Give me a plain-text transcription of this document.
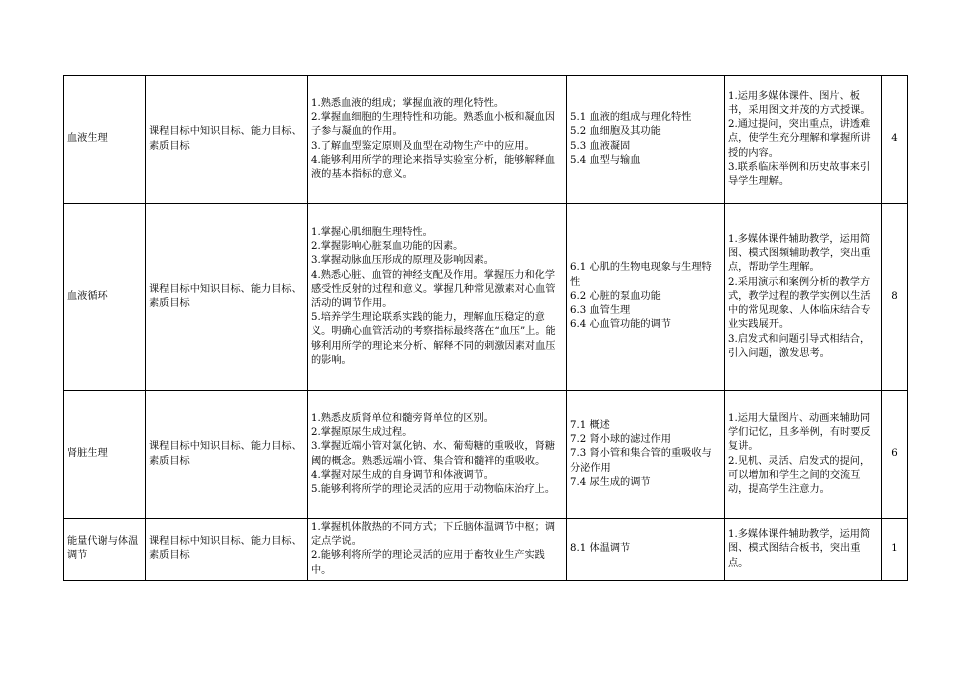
血液生理	课程目标中知识目标、能力目标、素质目标	1.熟悉血液的组成；掌握血液的理化特性。
2.掌握血细胞的生理特性和功能。熟悉血小板和凝血因子参与凝血的作用。
3.了解血型鉴定原则及血型在动物生产中的应用。
4.能够利用所学的理论来指导实验室分析，能够解释血液的基本指标的意义。	5.1 血液的组成与理化特性
5.2 血细胞及其功能
5.3 血液凝固
5.4 血型与输血	1.运用多媒体课件、图片、板书，采用图文并茂的方式授课。
2.通过提问，突出重点，讲透难点，使学生充分理解和掌握所讲授的内容。
3.联系临床举例和历史故事来引导学生理解。	4
血液循环	课程目标中知识目标、能力目标、素质目标	1.掌握心肌细胞生理特性。
2.掌握影响心脏泵血功能的因素。
3.掌握动脉血压形成的原理及影响因素。
4.熟悉心脏、血管的神经支配及作用。掌握压力和化学感受性反射的过程和意义。掌握几种常见激素对心血管活动的调节作用。
5.培养学生理论联系实践的能力，理解血压稳定的意义。明确心血管活动的考察指标最终落在“血压”上。能够利用所学的理论来分析、解释不同的刺激因素对血压的影响。	6.1 心肌的生物电现象与生理特性
6.2 心脏的泵血功能
6.3 血管生理
6.4 心血管功能的调节	1.多媒体课件辅助教学，运用简图、模式图频辅助教学，突出重点，帮助学生理解。
2.采用演示和案例分析的教学方式，教学过程的教学实例以生活中的常见现象、人体临床结合专业实践展开。
3.启发式和问题引导式相结合，引入问题，激发思考。	8
肾脏生理	课程目标中知识目标、能力目标、素质目标	1.熟悉皮质肾单位和髓旁肾单位的区别。
2.掌握原尿生成过程。
3.掌握近端小管对氯化钠、水、葡萄糖的重吸收，肾糖阈的概念。熟悉远端小管、集合管和髓袢的重吸收。
4.掌握对尿生成的自身调节和体液调节。
5.能够利将所学的理论灵活的应用于动物临床治疗上。	7.1 概述
7.2 肾小球的滤过作用
7.3 肾小管和集合管的重吸收与分泌作用
7.4 尿生成的调节	1.运用大量图片、动画来辅助同学们记忆，且多举例，有时要反复讲。
2.见机、灵活、启发式的提问，可以增加和学生之间的交流互动，提高学生注意力。	6
能量代谢与体温调节	课程目标中知识目标、能力目标、素质目标	1.掌握机体散热的不同方式；下丘脑体温调节中枢；调定点学说。
2.能够利将所学的理论灵活的应用于畜牧业生产实践中。	8.1 体温调节	1.多媒体课件辅助教学，运用简图、模式图结合板书，突出重点。	1
